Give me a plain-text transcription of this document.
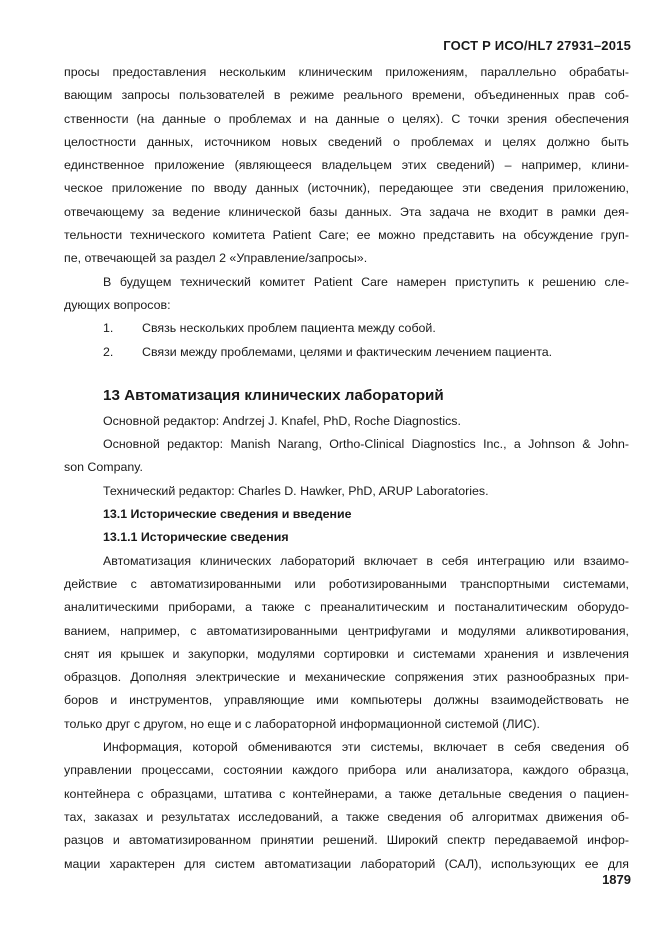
ГОСТ Р ИСО/HL7 27931–2015

просы предоставления нескольким клиническим приложениям, параллельно обрабаты-

вающим запросы пользователей в режиме реального времени, объединенных прав соб-

ственности (на данные о проблемах и на данные о целях). С точки зрения обеспечения

целостности данных, источником новых сведений о проблемах и целях должно быть

единственное приложение (являющееся владельцем этих сведений) – например, клини-

ческое приложение по вводу данных (источник), передающее эти сведения приложению,

отвечающему за ведение клинической базы данных. Эта задача не входит в рамки дея-

тельности технического комитета Patient Care; ее можно представить на обсуждение груп-

пе, отвечающей за раздел 2 «Управление/запросы».

В будущем технический комитет Patient Care намерен приступить к решению сле-

дующих вопросов:

1. Связь нескольких проблем пациента между собой.

2. Связи между проблемами, целями и фактическим лечением пациента.

13 Автоматизация клинических лабораторий

Основной редактор: Andrzej J. Knafel, PhD, Roche Diagnostics.

Основной редактор: Manish Narang, Ortho-Clinical Diagnostics Inc., a Johnson & John-

son Company.

Технический редактор: Charles D. Hawker, PhD, ARUP Laboratories.

13.1 Исторические сведения и введение
13.1.1 Исторические сведения

Автоматизация клинических лабораторий включает в себя интеграцию или взаимо-

действие с автоматизированными или роботизированными транспортными системами,

аналитическими приборами, а также с преаналитическим и постаналитическим оборудо-

ванием, например, с автоматизированными центрифугами и модулями аликвотирования,

снят ия крышек и закупорки, модулями сортировки и системами хранения и извлечения

образцов. Дополняя электрические и механические сопряжения этих разнообразных при-

боров и инструментов, управляющие ими компьютеры должны взаимодействовать не

только друг с другом, но еще и с лабораторной информационной системой (ЛИС).

Информация, которой обмениваются эти системы, включает в себя сведения об

управлении процессами, состоянии каждого прибора или анализатора, каждого образца,

контейнера с образцами, штатива с контейнерами, а также детальные сведения о пациен-

тах, заказах и результатах исследований, а также сведения об алгоритмах движения об-

разцов и автоматизированном принятии решений. Широкий спектр передаваемой инфор-

мации характерен для систем автоматизации лабораторий (САЛ), использующих ее для

1879
